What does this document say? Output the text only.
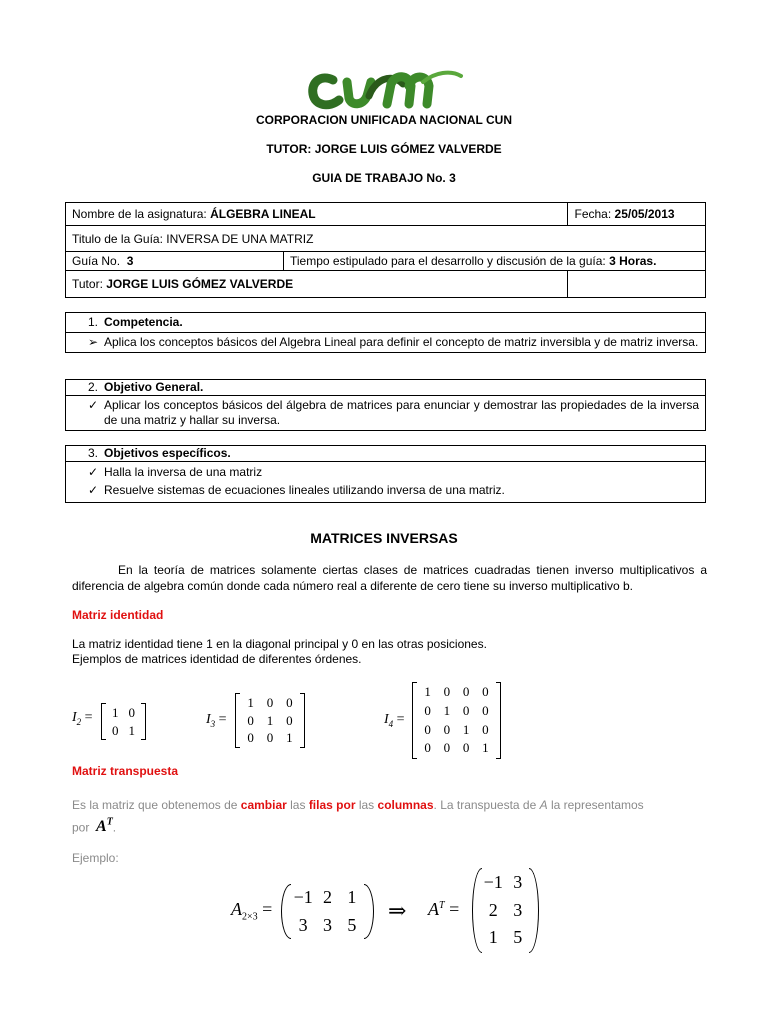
CORPORACION UNIFICADA NACIONAL CUN
TUTOR: JORGE LUIS GÓMEZ VALVERDE
GUIA DE TRABAJO No. 3
Nombre de la asignatura: ÁLGEBRA LINEAL		Fecha: 25/05/2013
Titulo de la Guía: INVERSA DE UNA MATRIZ		
Guía No. 3	Tiempo estipulado para el desarrollo y discusión de la guía: 3 Horas.	
Tutor: JORGE LUIS GÓMEZ VALVERDE		
1. Competencia.
➢ Aplica los conceptos básicos del Algebra Lineal para definir el concepto de matriz inversibla y de matriz inversa.
2. Objetivo General.
✓ Aplicar los conceptos básicos del álgebra de matrices para enunciar y demostrar las propiedades de la inversa de una matriz y hallar su inversa.
3. Objetivos específicos.
✓ Halla la inversa de una matriz
✓ Resuelve sistemas de ecuaciones lineales utilizando inversa de una matriz.
MATRICES INVERSAS
En la teoría de matrices solamente ciertas clases de matrices cuadradas tienen inverso multiplicativos a diferencia de algebra común donde cada número real a diferente de cero tiene su inverso multiplicativo b.
Matriz identidad
La matriz identidad tiene 1 en la diagonal principal y 0 en las otras posiciones.
Ejemplos de matrices identidad de diferentes órdenes.
$I_2$ =	1 0
0 1
$I_3$ =
1 0 0
0 1 0
0 0 1
$I_4$ =
1 0 0 0
0 1 0 0
0 0 1 0
0 0 0 1
Matriz transpuesta
Es la matriz que obtenemos de cambiar las filas por las columnas. La transpuesta de A la representamos
por $A^T$.
Ejemplo:
$A_{2\times 3}$ =
−1 2 1
3 3 5
⇒ $A^T$ =
−1 3
2 3
1 5
